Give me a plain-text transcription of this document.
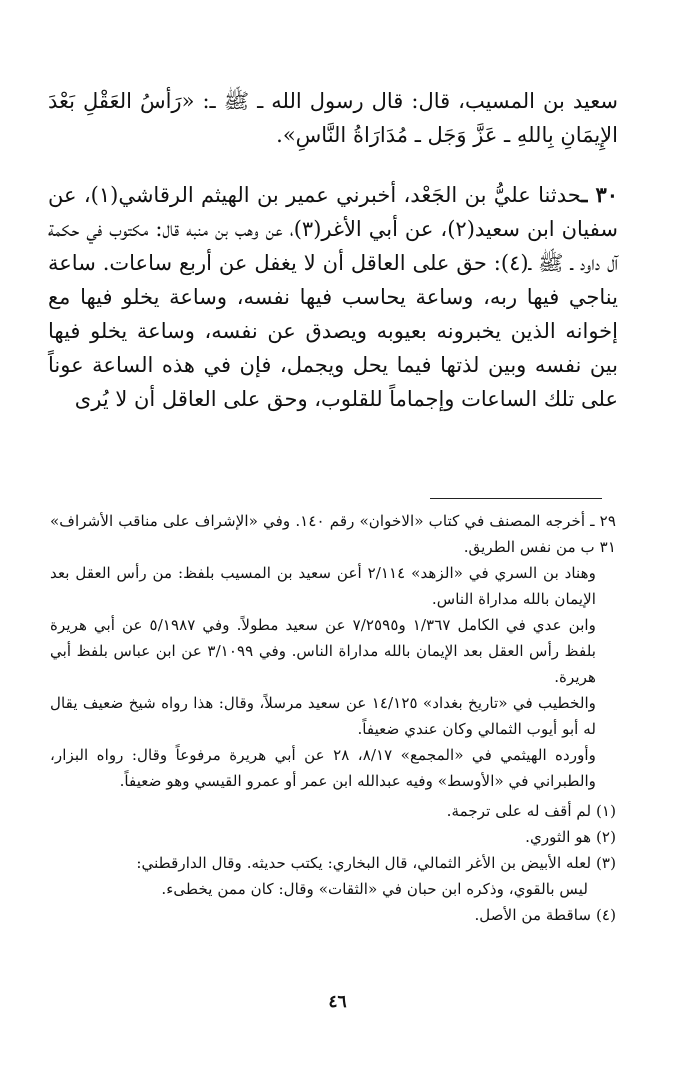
سعيد بن المسيب، قال: قال رسول الله ـ ﷺ ـ: «رَأسُ العَقْلِ بَعْدَ الإِيمَانِ بِاللهِ ـ عَزَّ وَجَل ـ مُدَارَاةُ النَّاسِ».

٣٠ ـحدثنا عليُّ بن الجَعْد، أخبرني عمير بن الهيثم الرقاشي(١)، عن سفيان ابن سعيد(٢)، عن أبي الأغر(٣)، عن وهب بن منبه قال: مكتوب في حكمة آل داود ـ ﷺ ـ(٤): حق على العاقل أن لا يغفل عن أربع ساعات. ساعة يناجي فيها ربه، وساعة يحاسب فيها نفسه، وساعة يخلو فيها مع إخوانه الذين يخبرونه بعيوبه ويصدق عن نفسه، وساعة يخلو فيها بين نفسه وبين لذتها فيما يحل ويجمل، فإن في هذه الساعة عوناً على تلك الساعات وإجماماً للقلوب، وحق على العاقل أن لا يُرى

٢٩ ـ أخرجه المصنف في كتاب «الاخوان» رقم ١٤٠. وفي «الإشراف على مناقب الأشراف» ٣١ ب من نفس الطريق.

وهناد بن السري في «الزهد» ٢/١١٤ أعن سعيد بن المسيب بلفظ: من رأس العقل بعد الإيمان بالله مداراة الناس.

وابن عدي في الكامل ١/٣٦٧ و٧/٢٥٩٥ عن سعيد مطولاً. وفي ٥/١٩٨٧ عن أبي هريرة بلفظ رأس العقل بعد الإيمان بالله مداراة الناس. وفي ٣/١٠٩٩ عن ابن عباس بلفظ أبي هريرة.

والخطيب في «تاريخ بغداد» ١٤/١٢٥ عن سعيد مرسلاً، وقال: هذا رواه شيخ ضعيف يقال له أبو أيوب الثمالي وكان عندي ضعيفاً.

وأورده الهيثمي في «المجمع» ٨/١٧، ٢٨ عن أبي هريرة مرفوعاً وقال: رواه البزار، والطبراني في «الأوسط» وفيه عبدالله ابن عمر أو عمرو القيسي وهو ضعيفاً.

(١) لم أقف له على ترجمة.

(٢) هو الثوري.

(٣) لعله الأبيض بن الأغر الثمالي، قال البخاري: يكتب حديثه. وقال الدارقطني:

ليس بالقوي، وذكره ابن حبان في «الثقات» وقال: كان ممن يخطىء.

(٤) ساقطة من الأصل.

٤٦
